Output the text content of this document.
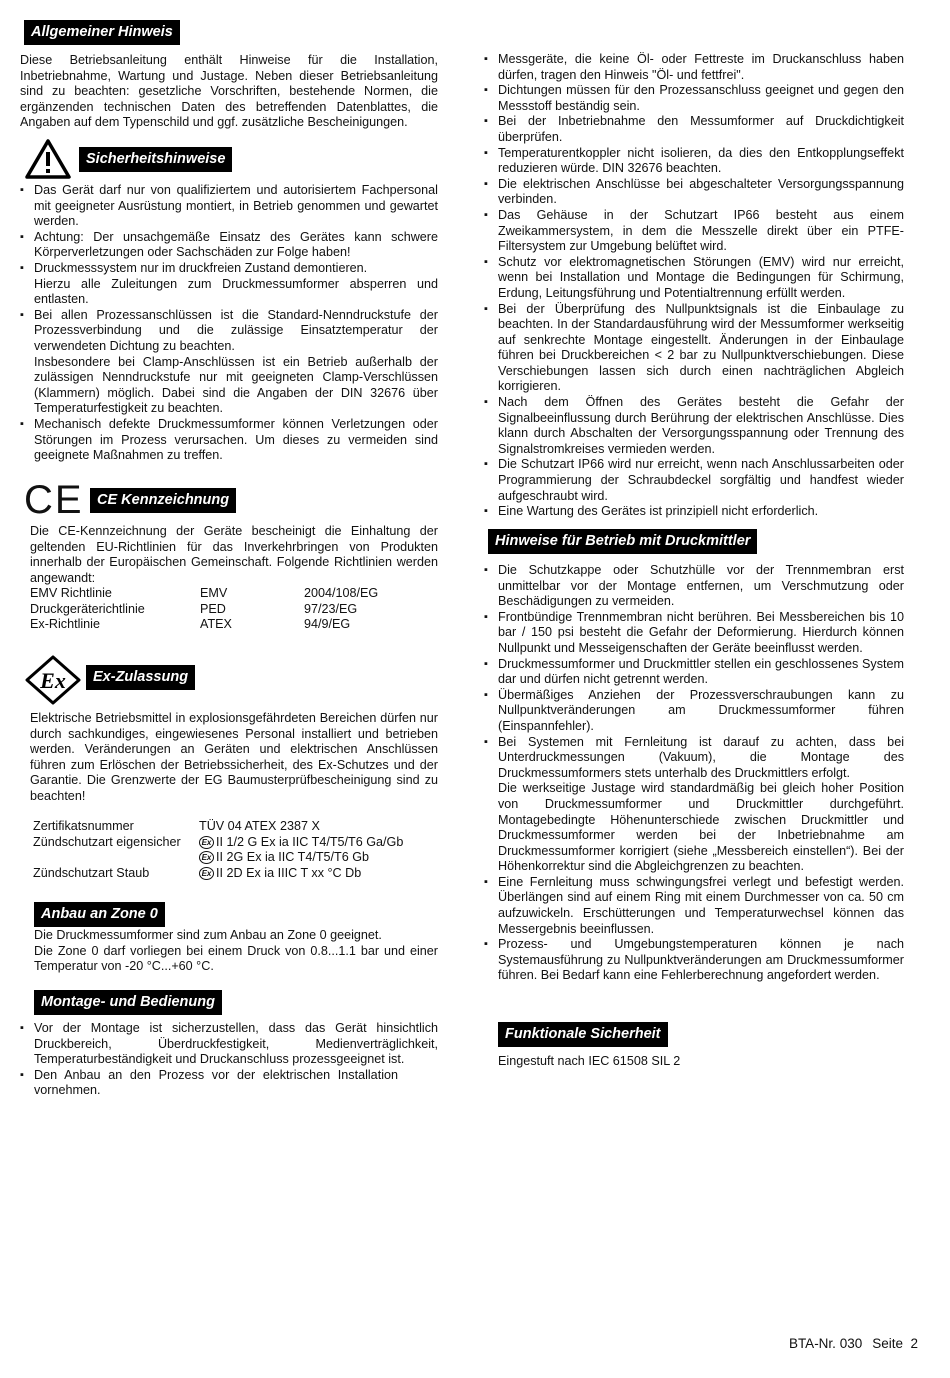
Allgemeiner Hinweis
Diese Betriebsanleitung enthält Hinweise für die Installation, Inbetriebnahme, Wartung und Justage. Neben dieser Betriebsanleitung sind zu beachten: gesetzliche Vorschriften, bestehende Normen, die ergänzenden technischen Daten des betreffenden Datenblattes, die Angaben auf dem Typenschild und ggf. zusätzliche Bescheinigungen.
Sicherheitshinweise
▪ Das Gerät darf nur von qualifiziertem und autorisiertem Fachpersonal mit geeigneter Ausrüstung montiert, in Betrieb genommen und gewartet werden.
▪ Achtung: Der unsachgemäße Einsatz des Gerätes kann schwere Körperverletzungen oder Sachschäden zur Folge haben!
▪ Druckmesssystem nur im druckfreien Zustand demontieren.
Hierzu alle Zuleitungen zum Druckmessumformer absperren und entlasten.
▪ Bei allen Prozessanschlüssen ist die Standard-Nenndruckstufe der Prozessverbindung und die zulässige Einsatztemperatur der verwendeten Dichtung zu beachten.
Insbesondere bei Clamp-Anschlüssen ist ein Betrieb außerhalb der zulässigen Nenndruckstufe nur mit geeigneten Clamp-Verschlüssen (Klammern) möglich. Dabei sind die Angaben der DIN 32676 über Temperaturfestigkeit zu beachten.
▪ Mechanisch defekte Druckmessumformer können Verletzungen oder Störungen im Prozess verursachen. Um dieses zu vermeiden sind geeignete Maßnahmen zu treffen.
CE CE Kennzeichnung
Die CE-Kennzeichnung der Geräte bescheinigt die Einhaltung der geltenden EU-Richtlinien für das Inverkehrbringen von Produkten innerhalb der Europäischen Gemeinschaft. Folgende Richtlinien werden angewandt:
EMV Richtlinie	EMV	2004/108/EG
Druckgeräterichtlinie	PED	97/23/EG
Ex-Richtlinie	ATEX	94/9/EG
Ex	Ex-Zulassung
Elektrische Betriebsmittel in explosionsgefährdeten Bereichen dürfen nur durch sachkundiges, eingewiesenes Personal installiert und betrieben werden. Veränderungen an Geräten und elektrischen Anschlüssen führen zum Erlöschen der Betriebssicherheit, des Ex-Schutzes und der Garantie. Die Grenzwerte der EG Baumusterprüfbescheinigung sind zu beachten!
Zertifikatsnummer	TÜV 04 ATEX 2387 X
Zündschutzart eigensicher	Ex II 1/2 G Ex ia IIC T4/T5/T6 Ga/Gb
	Ex II 2G Ex ia IIC T4/T5/T6 Gb
Zündschutzart Staub	Ex II 2D Ex ia IIIC T xx °C Db
Anbau an Zone 0
Die Druckmessumformer sind zum Anbau an Zone 0 geeignet.
Die Zone 0 darf vorliegen bei einem Druck von 0.8...1.1 bar und einer Temperatur von -20 °C...+60 °C.
Montage- und Bedienung
▪ Vor der Montage ist sicherzustellen, dass das Gerät hinsichtlich Druckbereich, Überdruckfestigkeit, Medienverträglichkeit, Temperaturbeständigkeit und Druckanschluss prozessgeeignet ist.
▪ Den Anbau an den Prozess vor der elektrischen Installation vornehmen.
▪ Messgeräte, die keine Öl- oder Fettreste im Druckanschluss haben dürfen, tragen den Hinweis "Öl- und fettfrei".
▪ Dichtungen müssen für den Prozessanschluss geeignet und gegen den Messstoff beständig sein.
▪ Bei der Inbetriebnahme den Messumformer auf Druckdichtigkeit überprüfen.
▪ Temperaturentkoppler nicht isolieren, da dies den Entkopplungseffekt reduzieren würde. DIN 32676 beachten.
▪ Die elektrischen Anschlüsse bei abgeschalteter Versorgungsspannung verbinden.
▪ Das Gehäuse in der Schutzart IP66 besteht aus einem Zweikammersystem, in dem die Messzelle direkt über ein PTFE-Filtersystem zur Umgebung belüftet wird.
▪ Schutz vor elektromagnetischen Störungen (EMV) wird nur erreicht, wenn bei Installation und Montage die Bedingungen für Schirmung, Erdung, Leitungsführung und Potentialtrennung erfüllt werden.
▪ Bei der Überprüfung des Nullpunktsignals ist die Einbaulage zu beachten. In der Standardausführung wird der Messumformer werkseitig auf senkrechte Montage eingestellt. Änderungen in der Einbaulage führen bei Druckbereichen < 2 bar zu Nullpunktverschiebungen. Diese Verschiebungen lassen sich durch einen nachträglichen Abgleich korrigieren.
▪ Nach dem Öffnen des Gerätes besteht die Gefahr der Signalbeeinflussung durch Berührung der elektrischen Anschlüsse. Dies klann durch Abschalten der Versorgungsspannung oder Trennung des Signalstromkreises vermieden werden.
▪ Die Schutzart IP66 wird nur erreicht, wenn nach Anschlussarbeiten oder Programmierung der Schraubdeckel sorgfältig und handfest wieder aufgeschraubt wird.
▪ Eine Wartung des Gerätes ist prinzipiell nicht erforderlich.
Hinweise für Betrieb mit Druckmittler
▪ Die Schutzkappe oder Schutzhülle vor der Trennmembran erst unmittelbar vor der Montage entfernen, um Verschmutzung oder Beschädigungen zu vermeiden.
▪ Frontbündige Trennmembran nicht berühren. Bei Messbereichen bis 10 bar / 150 psi besteht die Gefahr der Deformierung. Hierdurch können Nullpunkt und Messeigenschaften der Geräte beeinflusst werden.
▪ Druckmessumformer und Druckmittler stellen ein geschlossenes System dar und dürfen nicht getrennt werden.
▪ Übermäßiges Anziehen der Prozessverschraubungen kann zu Nullpunktveränderungen am Druckmessumformer führen (Einspannfehler).
▪ Bei Systemen mit Fernleitung ist darauf zu achten, dass bei Unterdruckmessungen (Vakuum), die Montage des Druckmessumformers stets unterhalb des Druckmittlers erfolgt.
Die werkseitige Justage wird standardmäßig bei gleich hoher Position von Druckmessumformer und Druckmittler durchgeführt. Montagebedingte Höhenunterschiede zwischen Druckmittler und Druckmessumformer werden bei der Inbetriebnahme am Druckmessumformer korrigiert (siehe „Messbereich einstellen“). Bei der Höhenkorrektur sind die Abgleichgrenzen zu beachten.
▪ Eine Fernleitung muss schwingungsfrei verlegt und befestigt werden. Überlängen sind auf einem Ring mit einem Durchmesser von ca. 50 cm aufzuwickeln. Erschütterungen und Temperaturwechsel können das Messergebnis beeinflussen.
▪ Prozess- und Umgebungstemperaturen können je nach Systemausführung zu Nullpunktveränderungen am Druckmessumformer führen. Bei Bedarf kann eine Fehlerberechnung angefordert werden.
Funktionale Sicherheit
Eingestuft nach IEC 61508 SIL 2
BTA-Nr. 030 Seite  2
